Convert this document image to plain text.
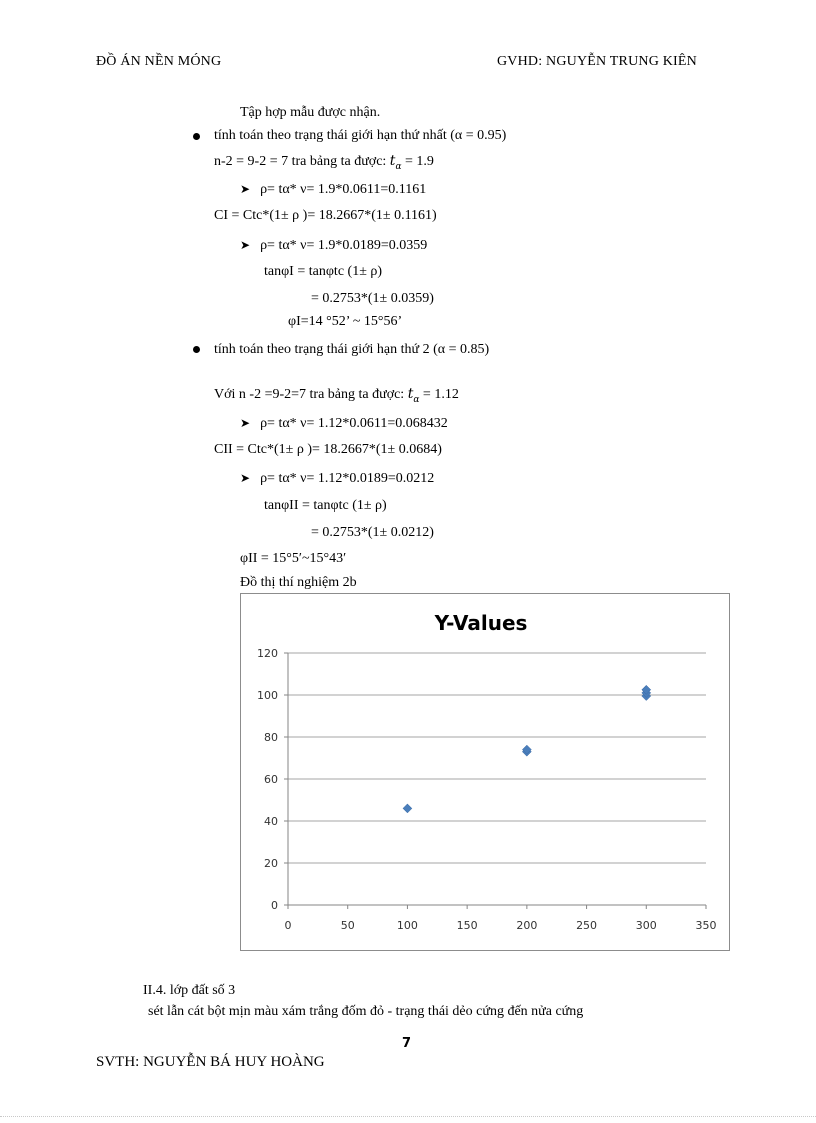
ĐỒ ÁN NỀN MÓNG	GVHD: NGUYỄN TRUNG KIÊN
Tập hợp mẫu được nhận.
tính toán theo trạng thái giới hạn thứ nhất (α = 0.95)
n-2 = 9-2 = 7 tra bảng ta được: $t_\alpha = 1.9$
➤ ρ= tα* ν= 1.9*0.0611=0.1161
CI = Ctc*(1± ρ )= 18.2667*(1± 0.1161)
➤ ρ= tα* ν= 1.9*0.0189=0.0359
tanφI = tanφtc (1± ρ)
= 0.2753*(1± 0.0359)
φI=14 °52’ ~ 15°56’
tính toán theo trạng thái giới hạn thứ 2 (α = 0.85)
Với n -2 =9-2=7 tra bảng ta được: $t_\alpha = 1.12$
➤ ρ= tα* ν= 1.12*0.0611=0.068432
CII = Ctc*(1± ρ )= 18.2667*(1± 0.0684)
➤ ρ= tα* ν= 1.12*0.0189=0.0212
tanφII = tanφtc (1± ρ)
= 0.2753*(1± 0.0212)
φII = 15°5′~15°43′
Đồ thị thí nghiệm 2b
Y-Values
0
20
40
60
80
100
120
0	50	100	150	200	250	300	350
II.4. lớp đất số 3
sét lẫn cát bột mịn màu xám trắng đốm đỏ - trạng thái dẻo cứng đến nửa cứng
7
SVTH: NGUYỄN BÁ HUY HOÀNG
